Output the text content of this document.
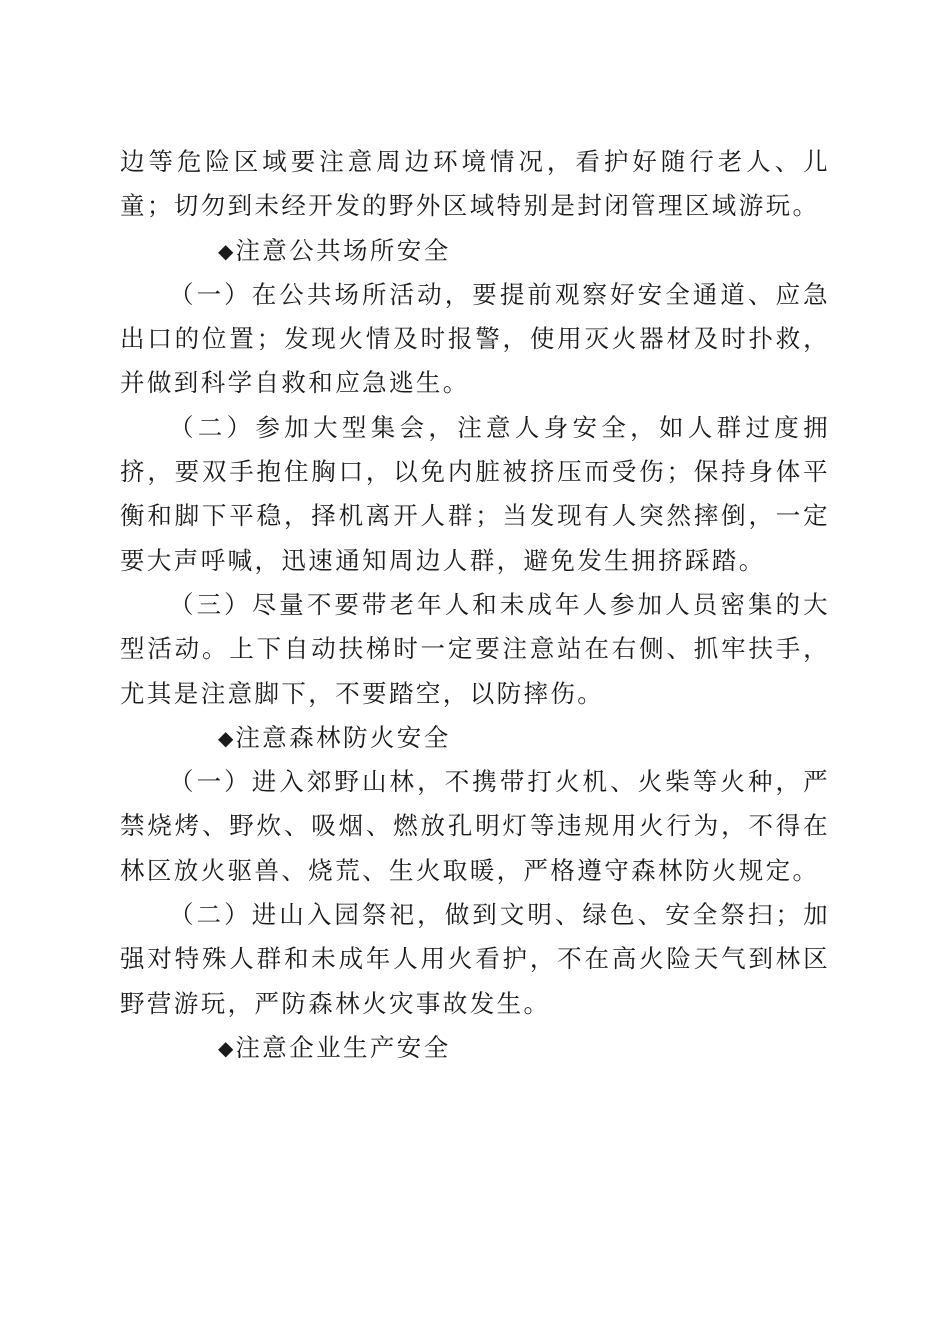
边等危险区域要注意周边环境情况，看护好随行老人、儿童；切勿到未经开发的野外区域特别是封闭管理区域游玩。

◆注意公共场所安全

（一）在公共场所活动，要提前观察好安全通道、应急出口的位置；发现火情及时报警，使用灭火器材及时扑救，并做到科学自救和应急逃生。

（二）参加大型集会，注意人身安全，如人群过度拥挤，要双手抱住胸口，以免内脏被挤压而受伤；保持身体平衡和脚下平稳，择机离开人群；当发现有人突然摔倒，一定要大声呼喊，迅速通知周边人群，避免发生拥挤踩踏。

（三）尽量不要带老年人和未成年人参加人员密集的大型活动。上下自动扶梯时一定要注意站在右侧、抓牢扶手，尤其是注意脚下，不要踏空，以防摔伤。

◆注意森林防火安全

（一）进入郊野山林，不携带打火机、火柴等火种，严禁烧烤、野炊、吸烟、燃放孔明灯等违规用火行为，不得在林区放火驱兽、烧荒、生火取暖，严格遵守森林防火规定。

（二）进山入园祭祀，做到文明、绿色、安全祭扫；加强对特殊人群和未成年人用火看护，不在高火险天气到林区野营游玩，严防森林火灾事故发生。

◆注意企业生产安全
